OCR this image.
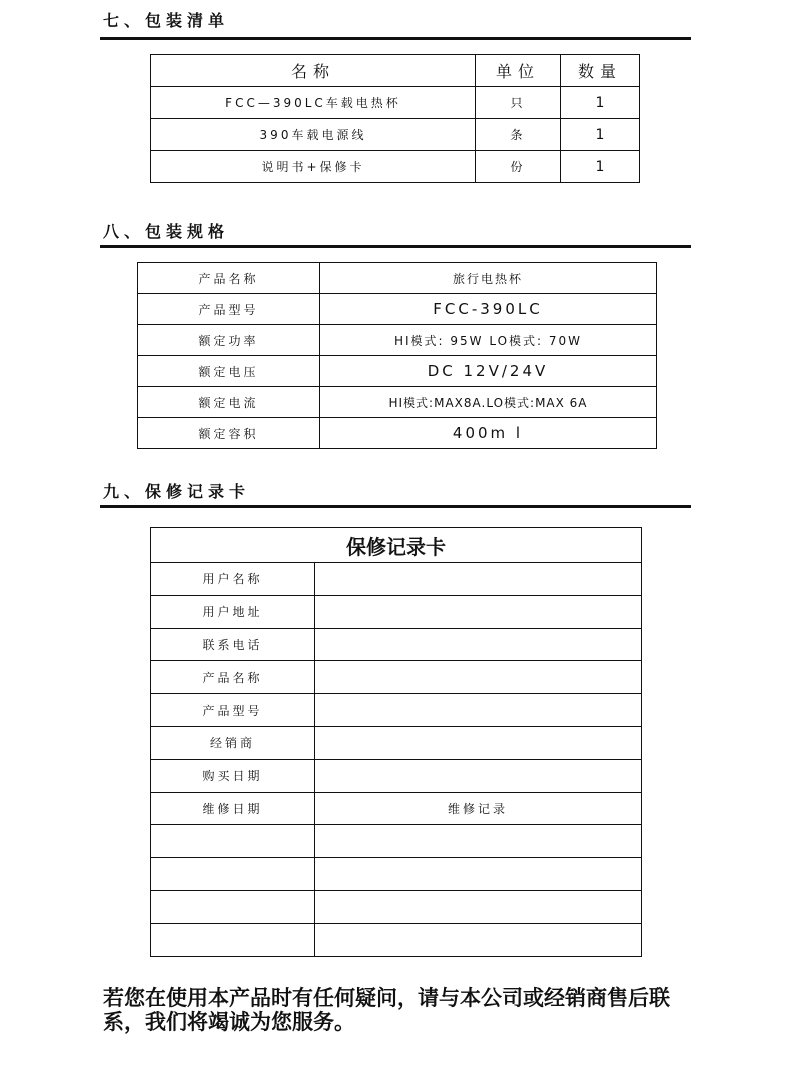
七、包装清单
名称	单位	数量
FCC—390LC车载电热杯	只	1
390车载电源线	条	1
说明书+保修卡	份	1
八、包装规格
产品名称	旅行电热杯
产品型号	FCC-390LC
额定功率	HI模式: 95W LO模式: 70W
额定电压	DC 12V/24V
额定电流	HI模式:MAX8A.LO模式:MAX 6A
额定容积	400m l
九、保修记录卡
保修记录卡	
用户名称	
用户地址	
联系电话	
产品名称	
产品型号	
经销商	
购买日期	
维修日期	维修记录

若您在使用本产品时有任何疑问，请与本公司或经销商售后联系，我们将竭诚为您服务。
